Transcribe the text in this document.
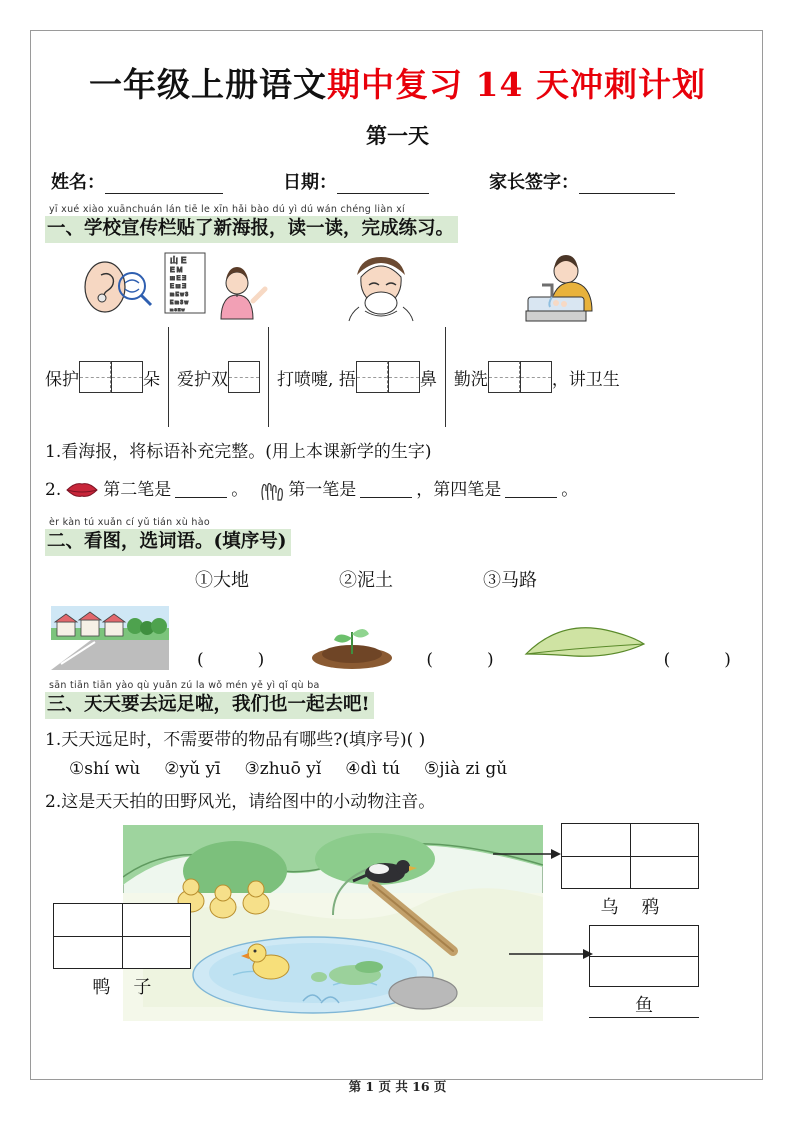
一年级上册语文期中复习 14 天冲刺计划
第一天
姓名：	日期：	家长签字：
yī xué xiào xuānchuán lán tiē le xīn hǎi bào dú yì dú wán chéng liàn xí
一、学校宣传栏贴了新海报，读一读，完成练习。
山 E
E M
ш E Ǝ
E ш Ǝ
m E w 3
E m 3 w
m 3 E w
保护	朵 爱护双	打喷嚏, 捂	鼻 勤洗	，讲卫生
1.看海报，将标语补充完整。(用上本课新学的生字)
2. 第二笔是	。 第一笔是	，第四笔是	。
èr kàn tú xuǎn cí yǔ tián xù hào
二、看图，选词语。(填序号)
①大地	②泥土	③马路
(          )	(          )	(          )
sān tiān tiān yào qù yuǎn zú la wǒ mén yě yì qǐ qù ba
三、天天要去远足啦，我们也一起去吧!
1.天天远足时，不需要带的物品有哪些?(填序号)( )
①shí wù ②yǔ yī ③zhuō yǐ ④dì tú ⑤jià zi gǔ
2.这是天天拍的田野风光，请给图中的小动物注音。
乌    鸦
鸭    子
鱼
第 1 页 共 16 页
